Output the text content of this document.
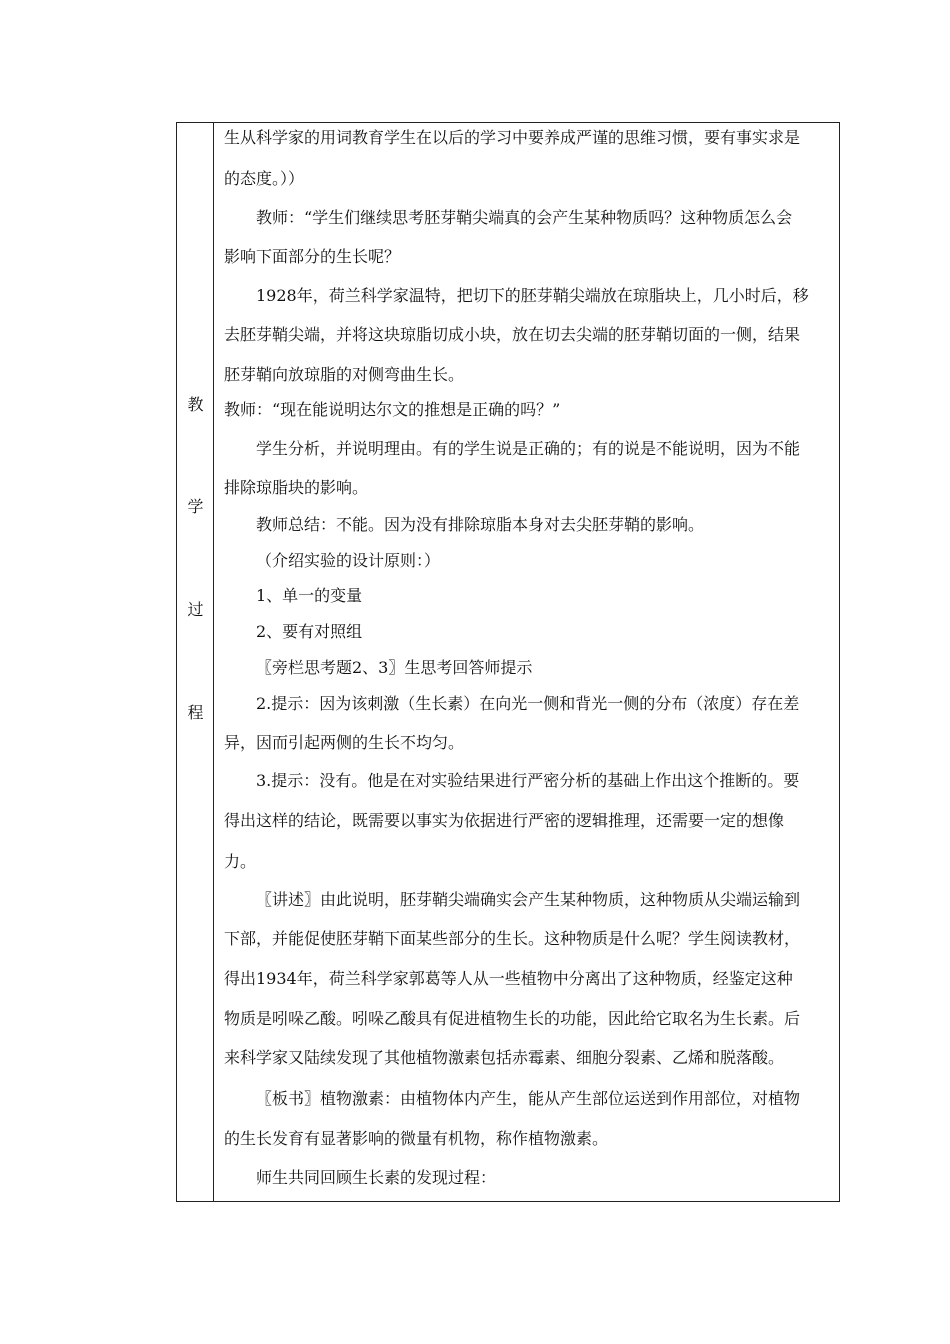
教
学
过
程
生从科学家的用词教育学生在以后的学习中要养成严谨的思维习惯，要有事实求是
的态度。））
教师：“学生们继续思考胚芽鞘尖端真的会产生某种物质吗？这种物质怎么会
影响下面部分的生长呢？
1928年，荷兰科学家温特，把切下的胚芽鞘尖端放在琼脂块上，几小时后，移
去胚芽鞘尖端，并将这块琼脂切成小块，放在切去尖端的胚芽鞘切面的一侧，结果
胚芽鞘向放琼脂的对侧弯曲生长。
教师：“现在能说明达尔文的推想是正确的吗？”
学生分析，并说明理由。有的学生说是正确的；有的说是不能说明，因为不能
排除琼脂块的影响。
教师总结：不能。因为没有排除琼脂本身对去尖胚芽鞘的影响。
（介绍实验的设计原则：）
1、单一的变量
2、要有对照组
〖旁栏思考题2、3〗生思考回答师提示
2.提示：因为该刺激（生长素）在向光一侧和背光一侧的分布（浓度）存在差
异，因而引起两侧的生长不均匀。
3.提示：没有。他是在对实验结果进行严密分析的基础上作出这个推断的。要
得出这样的结论，既需要以事实为依据进行严密的逻辑推理，还需要一定的想像
力。
〖讲述〗由此说明，胚芽鞘尖端确实会产生某种物质，这种物质从尖端运输到
下部，并能促使胚芽鞘下面某些部分的生长。这种物质是什么呢？学生阅读教材，
得出1934年，荷兰科学家郭葛等人从一些植物中分离出了这种物质，经鉴定这种
物质是吲哚乙酸。吲哚乙酸具有促进植物生长的功能，因此给它取名为生长素。后
来科学家又陆续发现了其他植物激素包括赤霉素、细胞分裂素、乙烯和脱落酸。
〖板书〗植物激素：由植物体内产生，能从产生部位运送到作用部位，对植物
的生长发育有显著影响的微量有机物，称作植物激素。
师生共同回顾生长素的发现过程：
